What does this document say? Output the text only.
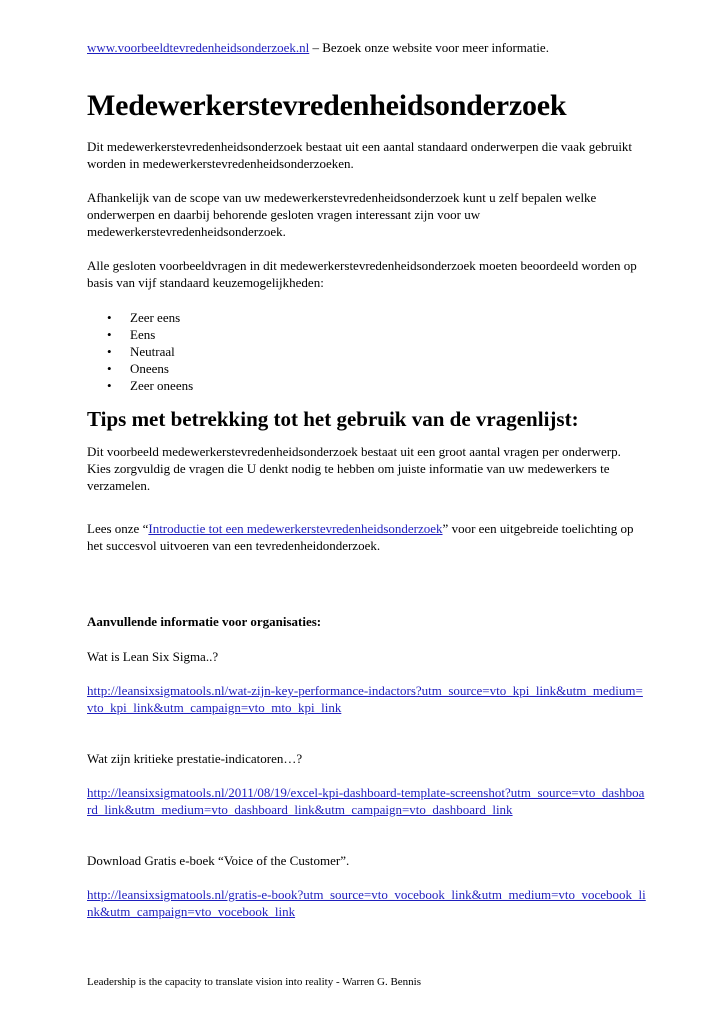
www.voorbeeldtevredenheidsonderzoek.nl – Bezoek onze website voor meer informatie.
Medewerkerstevredenheidsonderzoek

Dit medewerkerstevredenheidsonderzoek bestaat uit een aantal standaard onderwerpen die vaak gebruikt worden in medewerkerstevredenheidsonderzoeken.

Afhankelijk van de scope van uw medewerkerstevredenheidsonderzoek kunt u zelf bepalen welke onderwerpen en daarbij behorende gesloten vragen interessant zijn voor uw medewerkerstevredenheidsonderzoek.

Alle gesloten voorbeeldvragen in dit medewerkerstevredenheidsonderzoek moeten beoordeeld worden op basis van vijf standaard keuzemogelijkheden:

• Zeer eens
• Eens
• Neutraal
• Oneens
• Zeer oneens
Tips met betrekking tot het gebruik van de vragenlijst:

Dit voorbeeld medewerkerstevredenheidsonderzoek bestaat uit een groot aantal vragen per onderwerp. Kies zorgvuldig de vragen die U denkt nodig te hebben om juiste informatie van uw medewerkers te verzamelen.

Lees onze “Introductie tot een medewerkerstevredenheidsonderzoek” voor een uitgebreide toelichting op het succesvol uitvoeren van een tevredenheidonderzoek.

Aanvullende informatie voor organisaties:

Wat is Lean Six Sigma..?

http://leansixsigmatools.nl/wat-zijn-key-performance-indactors?utm_source=vto_kpi_link&utm_medium=vto_kpi_link&utm_campaign=vto_mto_kpi_link

Wat zijn kritieke prestatie-indicatoren…?

http://leansixsigmatools.nl/2011/08/19/excel-kpi-dashboard-template-screenshot?utm_source=vto_dashboard_link&utm_medium=vto_dashboard_link&utm_campaign=vto_dashboard_link

Download Gratis e-boek “Voice of the Customer”.

http://leansixsigmatools.nl/gratis-e-book?utm_source=vto_vocebook_link&utm_medium=vto_vocebook_link&utm_campaign=vto_vocebook_link

Leadership is the capacity to translate vision into reality - Warren G. Bennis
